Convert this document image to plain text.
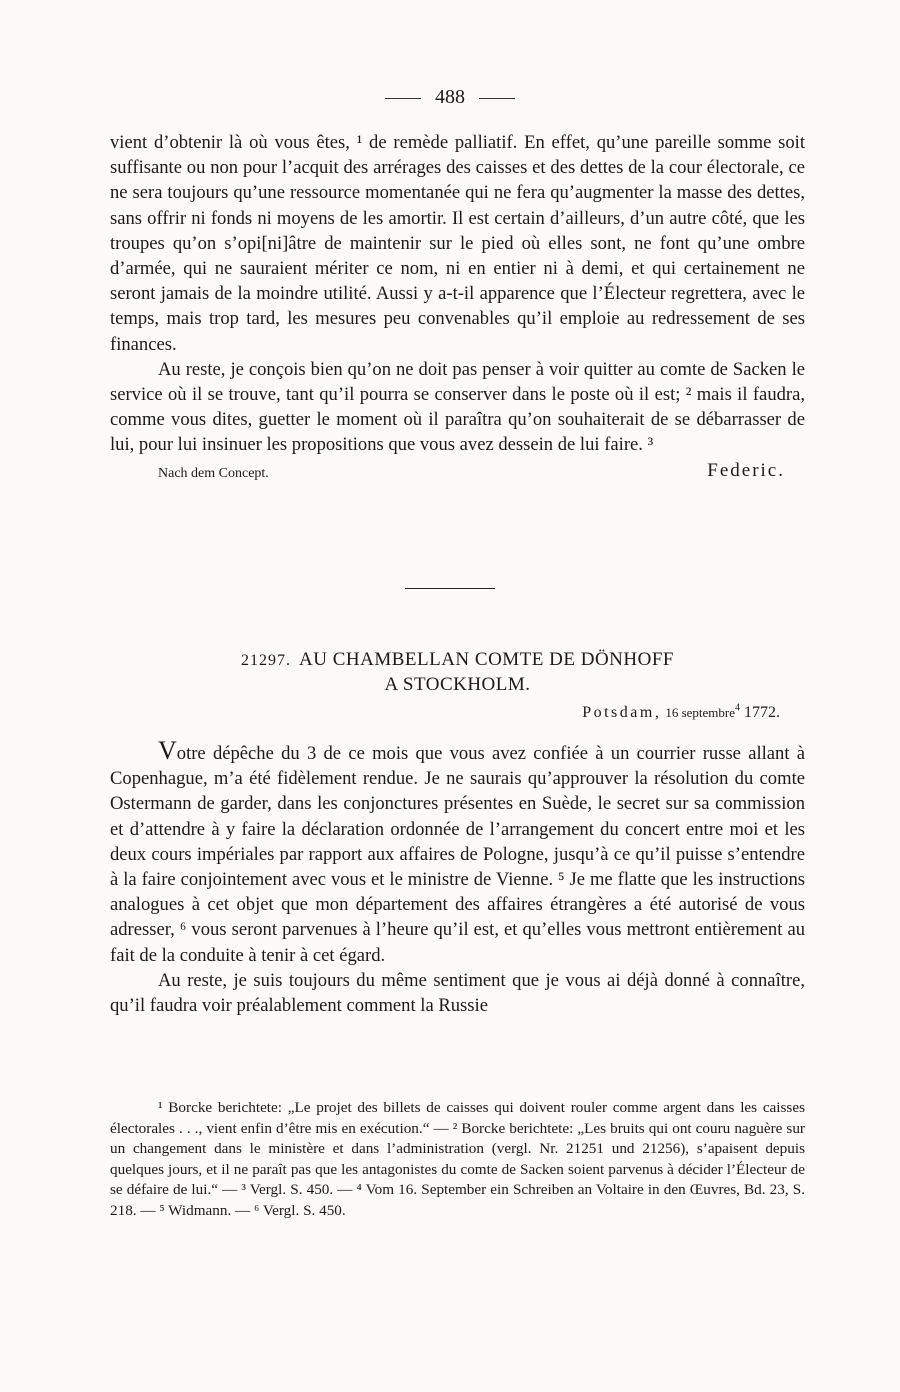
488

vient d’obtenir là où vous êtes, ¹ de remède palliatif. En effet, qu’une pareille somme soit suffisante ou non pour l’acquit des arrérages des caisses et des dettes de la cour électorale, ce ne sera toujours qu’une ressource momentanée qui ne fera qu’augmenter la masse des dettes, sans offrir ni fonds ni moyens de les amortir. Il est certain d’ailleurs, d’un autre côté, que les troupes qu’on s’opi[ni]âtre de maintenir sur le pied où elles sont, ne font qu’une ombre d’armée, qui ne sauraient mériter ce nom, ni en entier ni à demi, et qui certainement ne seront jamais de la moindre utilité. Aussi y a-t-il apparence que l’Électeur regrettera, avec le temps, mais trop tard, les mesures peu convenables qu’il emploie au redressement de ses finances.

Au reste, je conçois bien qu’on ne doit pas penser à voir quitter au comte de Sacken le service où il se trouve, tant qu’il pourra se conserver dans le poste où il est; ² mais il faudra, comme vous dites, guetter le moment où il paraîtra qu’on souhaiterait de se débarrasser de lui, pour lui insinuer les propositions que vous avez dessein de lui faire. ³

Nach dem Concept.	Federic.
21297. AU CHAMBELLAN COMTE DE DÖNHOFF
A STOCKHOLM.
Potsdam, 16 septembre$^4$ 1772.

Votre dépêche du 3 de ce mois que vous avez confiée à un courrier russe allant à Copenhague, m’a été fidèlement rendue. Je ne saurais qu’approuver la résolution du comte Ostermann de garder, dans les conjonctures présentes en Suède, le secret sur sa commission et d’attendre à y faire la déclaration ordonnée de l’arrangement du concert entre moi et les deux cours impériales par rapport aux affaires de Pologne, jusqu’à ce qu’il puisse s’entendre à la faire conjointement avec vous et le ministre de Vienne. ⁵ Je me flatte que les instructions analogues à cet objet que mon département des affaires étrangères a été autorisé de vous adresser, ⁶ vous seront parvenues à l’heure qu’il est, et qu’elles vous mettront entièrement au fait de la conduite à tenir à cet égard.

Au reste, je suis toujours du même sentiment que je vous ai déjà donné à connaître, qu’il faudra voir préalablement comment la Russie

¹ Borcke berichtete: „Le projet des billets de caisses qui doivent rouler comme argent dans les caisses électorales . . ., vient enfin d’être mis en exécution.“ — ² Borcke berichtete: „Les bruits qui ont couru naguère sur un changement dans le ministère et dans l’administration (vergl. Nr. 21251 und 21256), s’apaisent depuis quelques jours, et il ne paraît pas que les antagonistes du comte de Sacken soient parvenus à décider l’Électeur de se défaire de lui.“ — ³ Vergl. S. 450. — ⁴ Vom 16. September ein Schreiben an Voltaire in den Œuvres, Bd. 23, S. 218. — ⁵ Widmann. — ⁶ Vergl. S. 450.
